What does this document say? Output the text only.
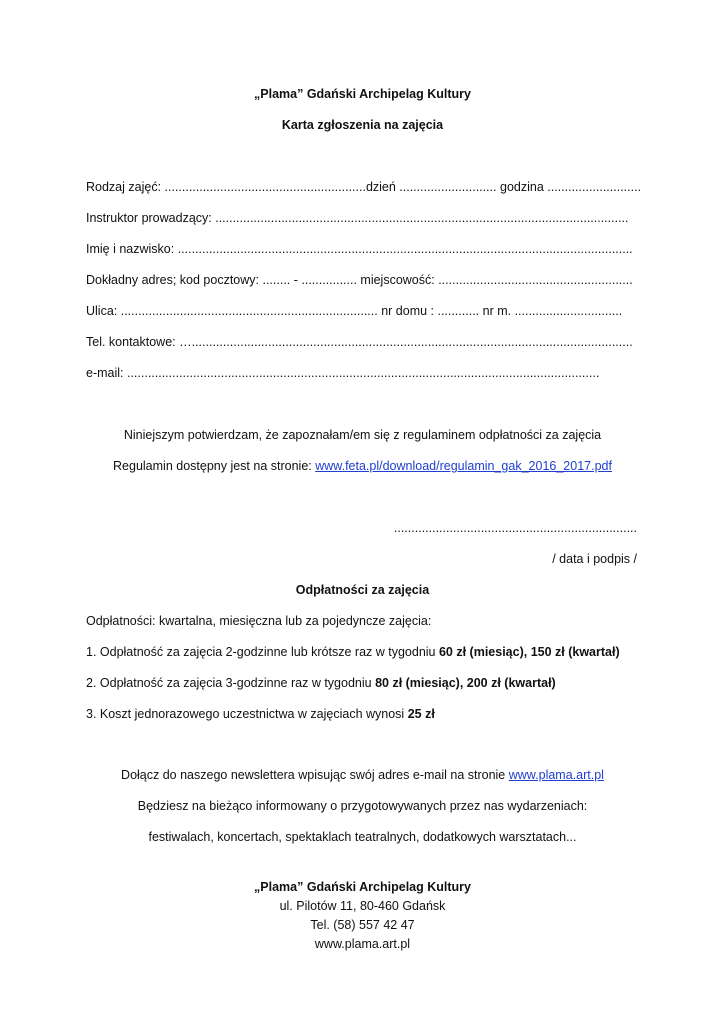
„Plama” Gdański Archipelag Kultury
Karta zgłoszenia na zajęcia
Rodzaj zajęć: ..........................................................dzień ............................ godzina ...........................
Instruktor prowadzący: .......................................................................................................................
Imię i nazwisko: ...................................................................................................................................
Dokładny adres; kod pocztowy: ........ - ................ miejscowość: ........................................................
Ulica: .......................................................................... nr domu : ............ nr m. ...............................
Tel. kontaktowe: …...............................................................................................................................
e-mail: ........................................................................................................................................
Niniejszym potwierdzam, że zapoznałam/em się z regulaminem odpłatności za zajęcia
Regulamin dostępny jest na stronie: www.feta.pl/download/regulamin_gak_2016_2017.pdf
......................................................................
/ data i podpis /
Odpłatności za zajęcia
Odpłatności: kwartalna, miesięczna lub za pojedyncze zajęcia:
1. Odpłatność za zajęcia 2-godzinne lub krótsze raz w tygodniu 60 zł (miesiąc), 150 zł (kwartał)
2. Odpłatność za zajęcia 3-godzinne raz w tygodniu 80 zł (miesiąc), 200 zł (kwartał)
3. Koszt jednorazowego uczestnictwa w zajęciach wynosi 25 zł
Dołącz do naszego newslettera wpisując swój adres e-mail na stronie www.plama.art.pl
Będziesz na bieżąco informowany o przygotowywanych przez nas wydarzeniach:
festiwalach, koncertach, spektaklach teatralnych, dodatkowych warsztatach...
„Plama” Gdański Archipelag Kultury
ul. Pilotów 11, 80-460 Gdańsk
Tel. (58) 557 42 47
www.plama.art.pl
